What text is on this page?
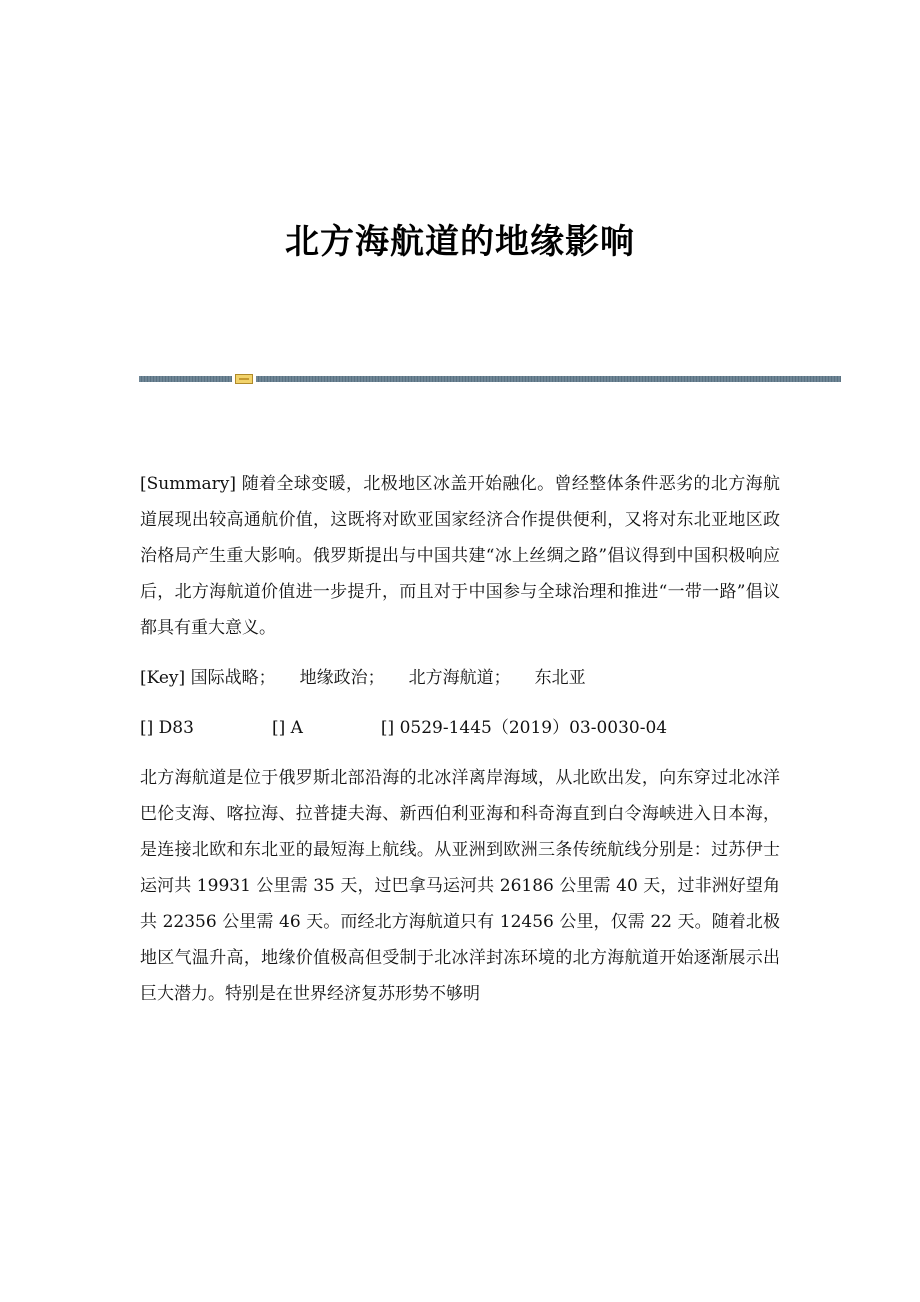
北方海航道的地缘影响

[Summary] 随着全球变暖，北极地区冰盖开始融化。曾经整体条件恶劣的北方海航道展现出较高通航价值，这既将对欧亚国家经济合作提供便利，又将对东北亚地区政治格局产生重大影响。俄罗斯提出与中国共建“冰上丝绸之路”倡议得到中国积极响应后，北方海航道价值进一步提升，而且对于中国参与全球治理和推进“一带一路”倡议都具有重大意义。

[Key] 国际战略； 地缘政治； 北方海航道； 东北亚

[] D83	[] A	[] 0529-1445（2019）03-0030-04

北方海航道是位于俄罗斯北部沿海的北冰洋离岸海域，从北欧出发，向东穿过北冰洋巴伦支海、喀拉海、拉普捷夫海、新西伯利亚海和科奇海直到白令海峡进入日本海，是连接北欧和东北亚的最短海上航线。从亚洲到欧洲三条传统航线分别是：过苏伊士运河共 19931 公里需 35 天，过巴拿马运河共 26186 公里需 40 天，过非洲好望角共 22356 公里需 46 天。而经北方海航道只有 12456 公里，仅需 22 天。随着北极地区气温升高，地缘价值极高但受制于北冰洋封冻环境的北方海航道开始逐渐展示出巨大潜力。特别是在世界经济复苏形势不够明
